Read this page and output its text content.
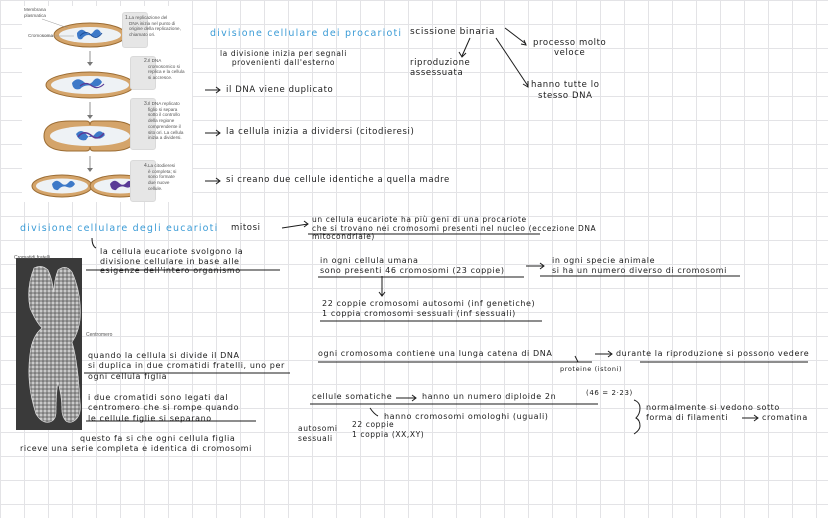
Membrana
plasmatica
Cromosoma
1. La replicazione del
DNA inizia nel punto di
origine della replicazione,
chiamato ori.
2. Il DNA
cromosomico si
replica e la cellula
si accresce.
3. Il DNA replicato
figlio si separa
sotto il controllo
della regione
comprendente il
sito ori. La cellula
inizia a dividersi.
4. La citodieresi
è completa; si
sono formate
due nuove
cellule.
Cromatidi fratelli
Centromero
divisione cellulare dei procarioti scissione binaria
processo molto
veloce
riproduzione
assessuata
hanno tutte lo
stesso DNA
la divisione inizia per segnali
provenienti dall'esterno
il DNA viene duplicato
la cellula inizia a dividersi (citodieresi)
si creano due cellule identiche a quella madre
divisione cellulare degli eucarioti mitosi
un cellula eucariote ha più geni di una procariote
che si trovano nei cromosomi presenti nel nucleo (eccezione DNA
mitocondriale)
la cellula eucariote svolgono la
divisione cellulare in base alle
esigenze dell'intero organismo
in ogni cellula umana
sono presenti 46 cromosomi (23 coppie)
in ogni specie animale
si ha un numero diverso di cromosomi
22 coppie cromosomi autosomi (inf genetiche)
1 coppia cromosomi sessuali (inf sessuali)
ogni cromosoma contiene una lunga catena di DNA
proteine (istoni)
durante la riproduzione si possono vedere
normalmente si vedono sotto
forma di filamenti	cromatina
cellule somatiche	hanno un numero diploide 2n	(46 = 2·23)
autosomi
sessuali
22 coppie
1 coppia (XX,XY)
hanno cromosomi omologhi (uguali)
quando la cellula si divide il DNA
si duplica in due cromatidi fratelli, uno per
ogni cellula figlia
i due cromatidi sono legati dal
centromero che si rompe quando
le cellule figlie si separano
questo fa si che ogni cellula figlia
riceve una serie completa e identica di cromosomi
